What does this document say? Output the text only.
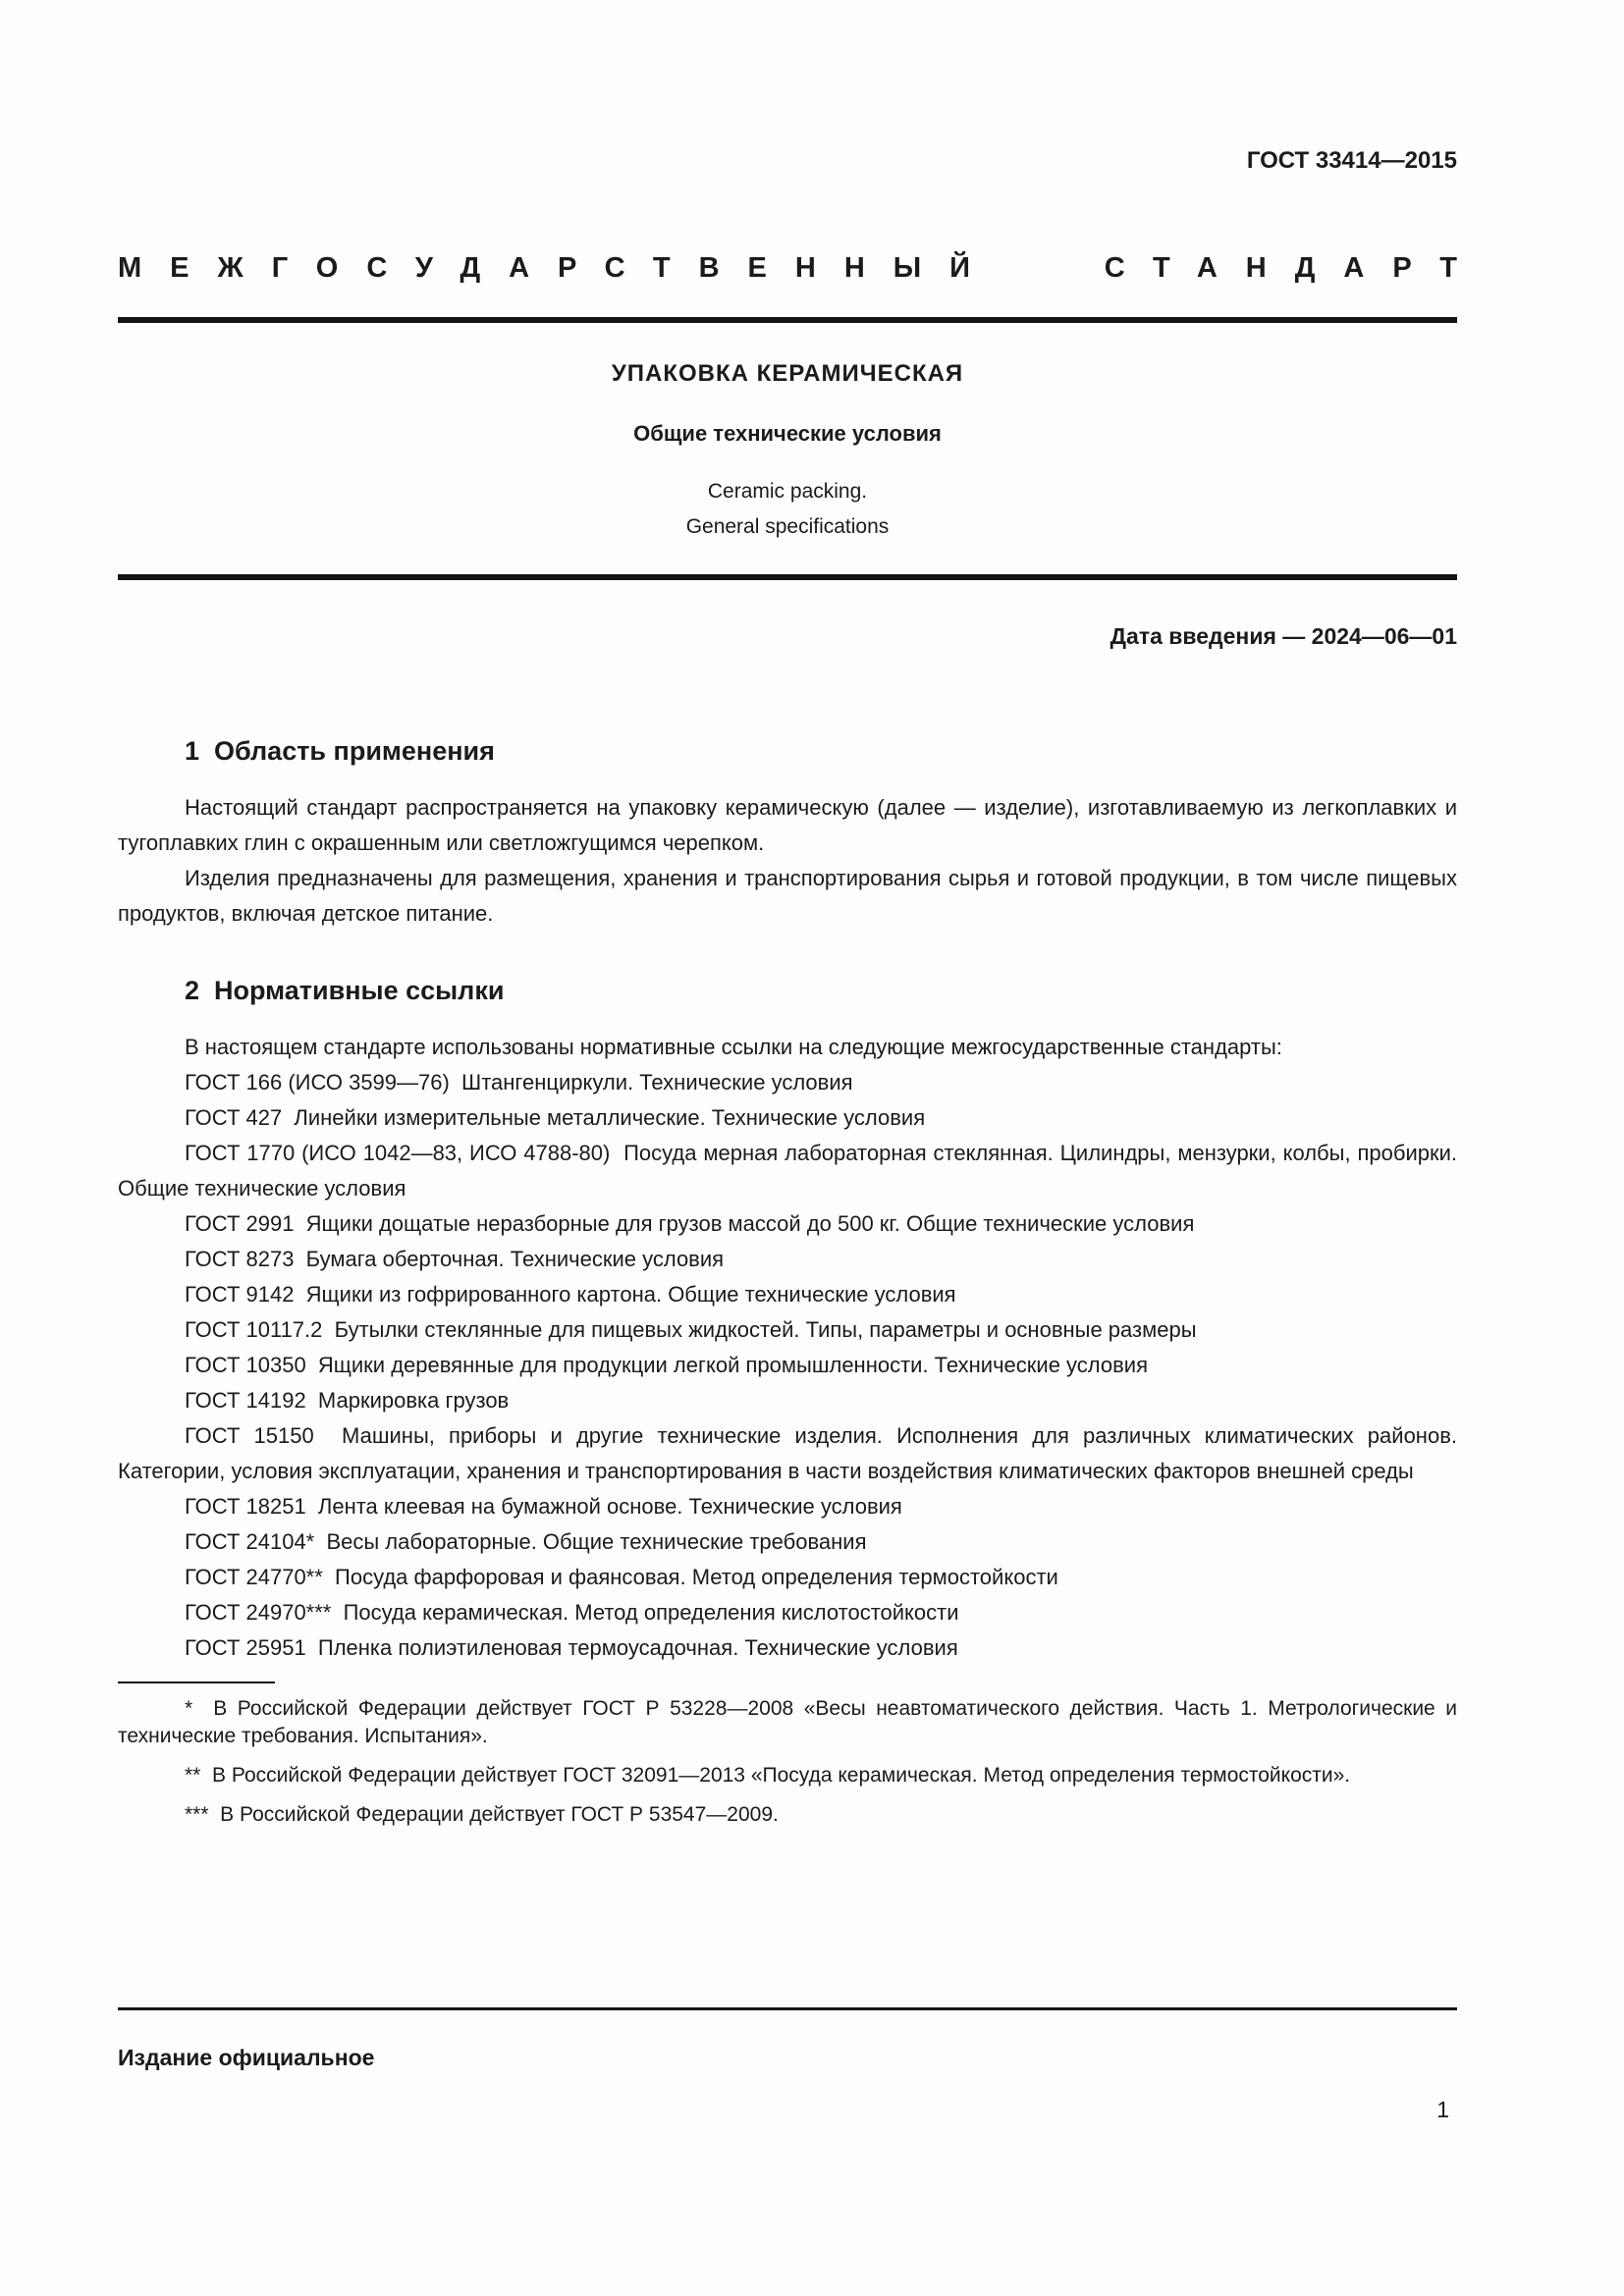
ГОСТ 33414—2015
МЕЖГОСУДАРСТВЕННЫЙ	СТАНДАРТ
УПАКОВКА КЕРАМИЧЕСКАЯ
Общие технические условия
Ceramic packing.
General specifications
Дата введения — 2024—06—01
1  Область применения

Настоящий стандарт распространяется на упаковку керамическую (далее — изделие), изготавливаемую из легкоплавких и тугоплавких глин с окрашенным или светложгущимся черепком.

Изделия предназначены для размещения, хранения и транспортирования сырья и готовой продукции, в том числе пищевых продуктов, включая детское питание.

2  Нормативные ссылки

В настоящем стандарте использованы нормативные ссылки на следующие межгосударственные стандарты:

ГОСТ 166 (ИСО 3599—76)  Штангенциркули. Технические условия

ГОСТ 427  Линейки измерительные металлические. Технические условия

ГОСТ 1770 (ИСО 1042—83, ИСО 4788-80)  Посуда мерная лабораторная стеклянная. Цилиндры, мензурки, колбы, пробирки. Общие технические условия

ГОСТ 2991  Ящики дощатые неразборные для грузов массой до 500 кг. Общие технические условия

ГОСТ 8273  Бумага оберточная. Технические условия

ГОСТ 9142  Ящики из гофрированного картона. Общие технические условия

ГОСТ 10117.2  Бутылки стеклянные для пищевых жидкостей. Типы, параметры и основные размеры

ГОСТ 10350  Ящики деревянные для продукции легкой промышленности. Технические условия

ГОСТ 14192  Маркировка грузов

ГОСТ 15150  Машины, приборы и другие технические изделия. Исполнения для различных климатических районов. Категории, условия эксплуатации, хранения и транспортирования в части воздействия климатических факторов внешней среды

ГОСТ 18251  Лента клеевая на бумажной основе. Технические условия

ГОСТ 24104*  Весы лабораторные. Общие технические требования

ГОСТ 24770**  Посуда фарфоровая и фаянсовая. Метод определения термостойкости

ГОСТ 24970***  Посуда керамическая. Метод определения кислотостойкости

ГОСТ 25951  Пленка полиэтиленовая термоусадочная. Технические условия

*  В Российской Федерации действует ГОСТ Р 53228—2008 «Весы неавтоматического действия. Часть 1. Метрологические и технические требования. Испытания».

**  В Российской Федерации действует ГОСТ 32091—2013 «Посуда керамическая. Метод определения термостойкости».

***  В Российской Федерации действует ГОСТ Р 53547—2009.

Издание официальное
1
